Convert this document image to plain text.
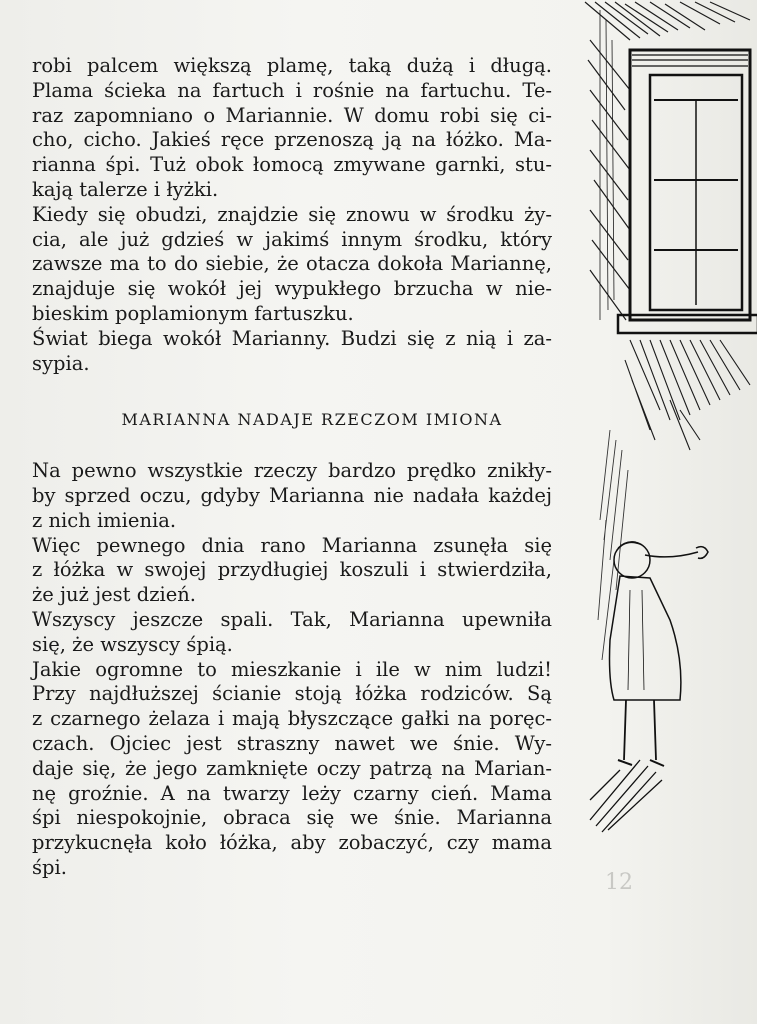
robi palcem większą plamę, taką dużą i długą.
Plama ścieka na fartuch i rośnie na fartuchu. Te-
raz zapomniano o Mariannie. W domu robi się ci-
cho, cicho. Jakieś ręce przenoszą ją na łóżko. Ma-
rianna śpi. Tuż obok łomocą zmywane garnki, stu-
kają talerze i łyżki.
Kiedy się obudzi, znajdzie się znowu w środku ży-
cia, ale już gdzieś w jakimś innym środku, który
zawsze ma to do siebie, że otacza dokoła Mariannę,
znajduje się wokół jej wypukłego brzucha w nie-
bieskim poplamionym fartuszku.
Świat biega wokół Marianny. Budzi się z nią i za-
sypia.
MARIANNA NADAJE RZECZOM IMIONA
Na pewno wszystkie rzeczy bardzo prędko znikły-
by sprzed oczu, gdyby Marianna nie nadała każdej
z nich imienia.
Więc pewnego dnia rano Marianna zsunęła się
z łóżka w swojej przydługiej koszuli i stwierdziła,
że już jest dzień.
Wszyscy jeszcze spali. Tak, Marianna upewniła
się, że wszyscy śpią.
Jakie ogromne to mieszkanie i ile w nim ludzi!
Przy najdłuższej ścianie stoją łóżka rodziców. Są
z czarnego żelaza i mają błyszczące gałki na poręc-
czach. Ojciec jest straszny nawet we śnie. Wy-
daje się, że jego zamknięte oczy patrzą na Marian-
nę groźnie. A na twarzy leży czarny cień. Mama
śpi niespokojnie, obraca się we śnie. Marianna
przykucnęła koło łóżka, aby zobaczyć, czy mama
śpi.
12
